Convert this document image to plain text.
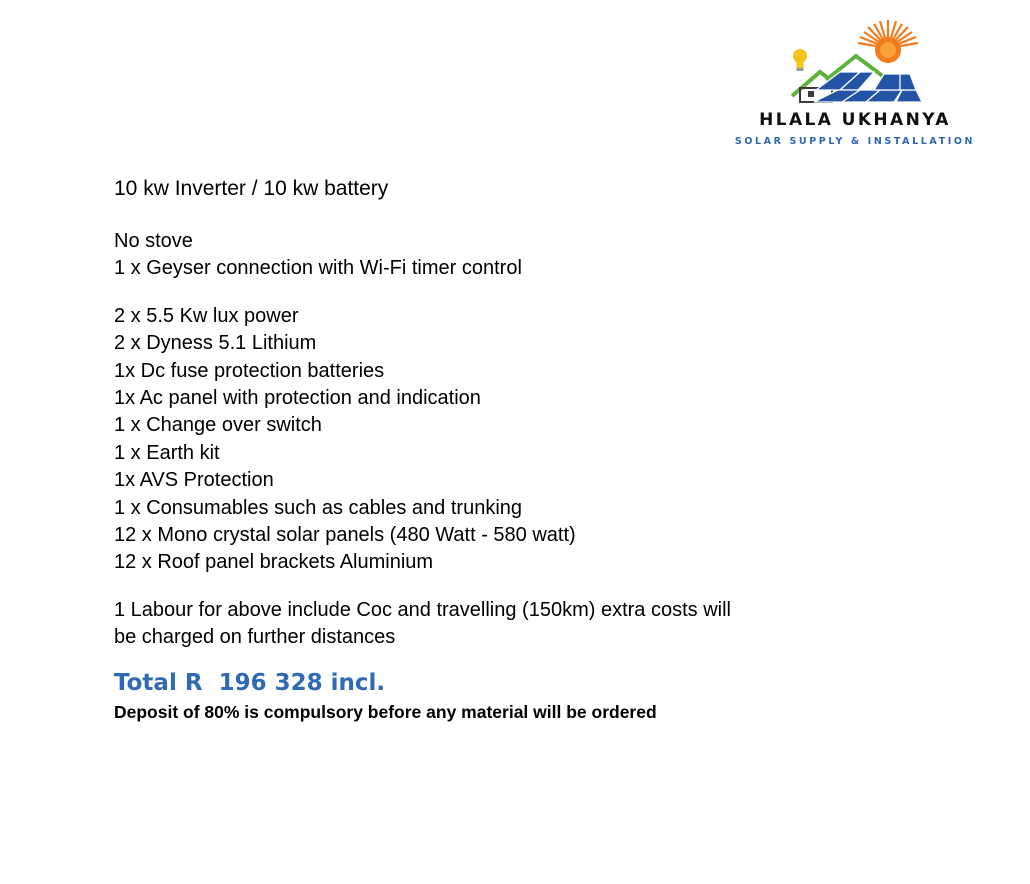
HLALA UKHANYA
SOLAR SUPPLY & INSTALLATION
10 kw Inverter / 10 kw battery
No stove
1 x Geyser connection with Wi-Fi timer control
2 x 5.5 Kw lux power
2 x Dyness 5.1 Lithium
1x Dc fuse protection batteries
1x Ac panel with protection and indication
1 x Change over switch
1 x Earth kit
1x AVS Protection
1 x Consumables such as cables and trunking
12 x Mono crystal solar panels (480 Watt - 580 watt)
12 x Roof panel brackets Aluminium
1 Labour for above include Coc and travelling (150km) extra costs will
be charged on further distances
Total R  196 328 incl.
Deposit of 80% is compulsory before any material will be ordered
